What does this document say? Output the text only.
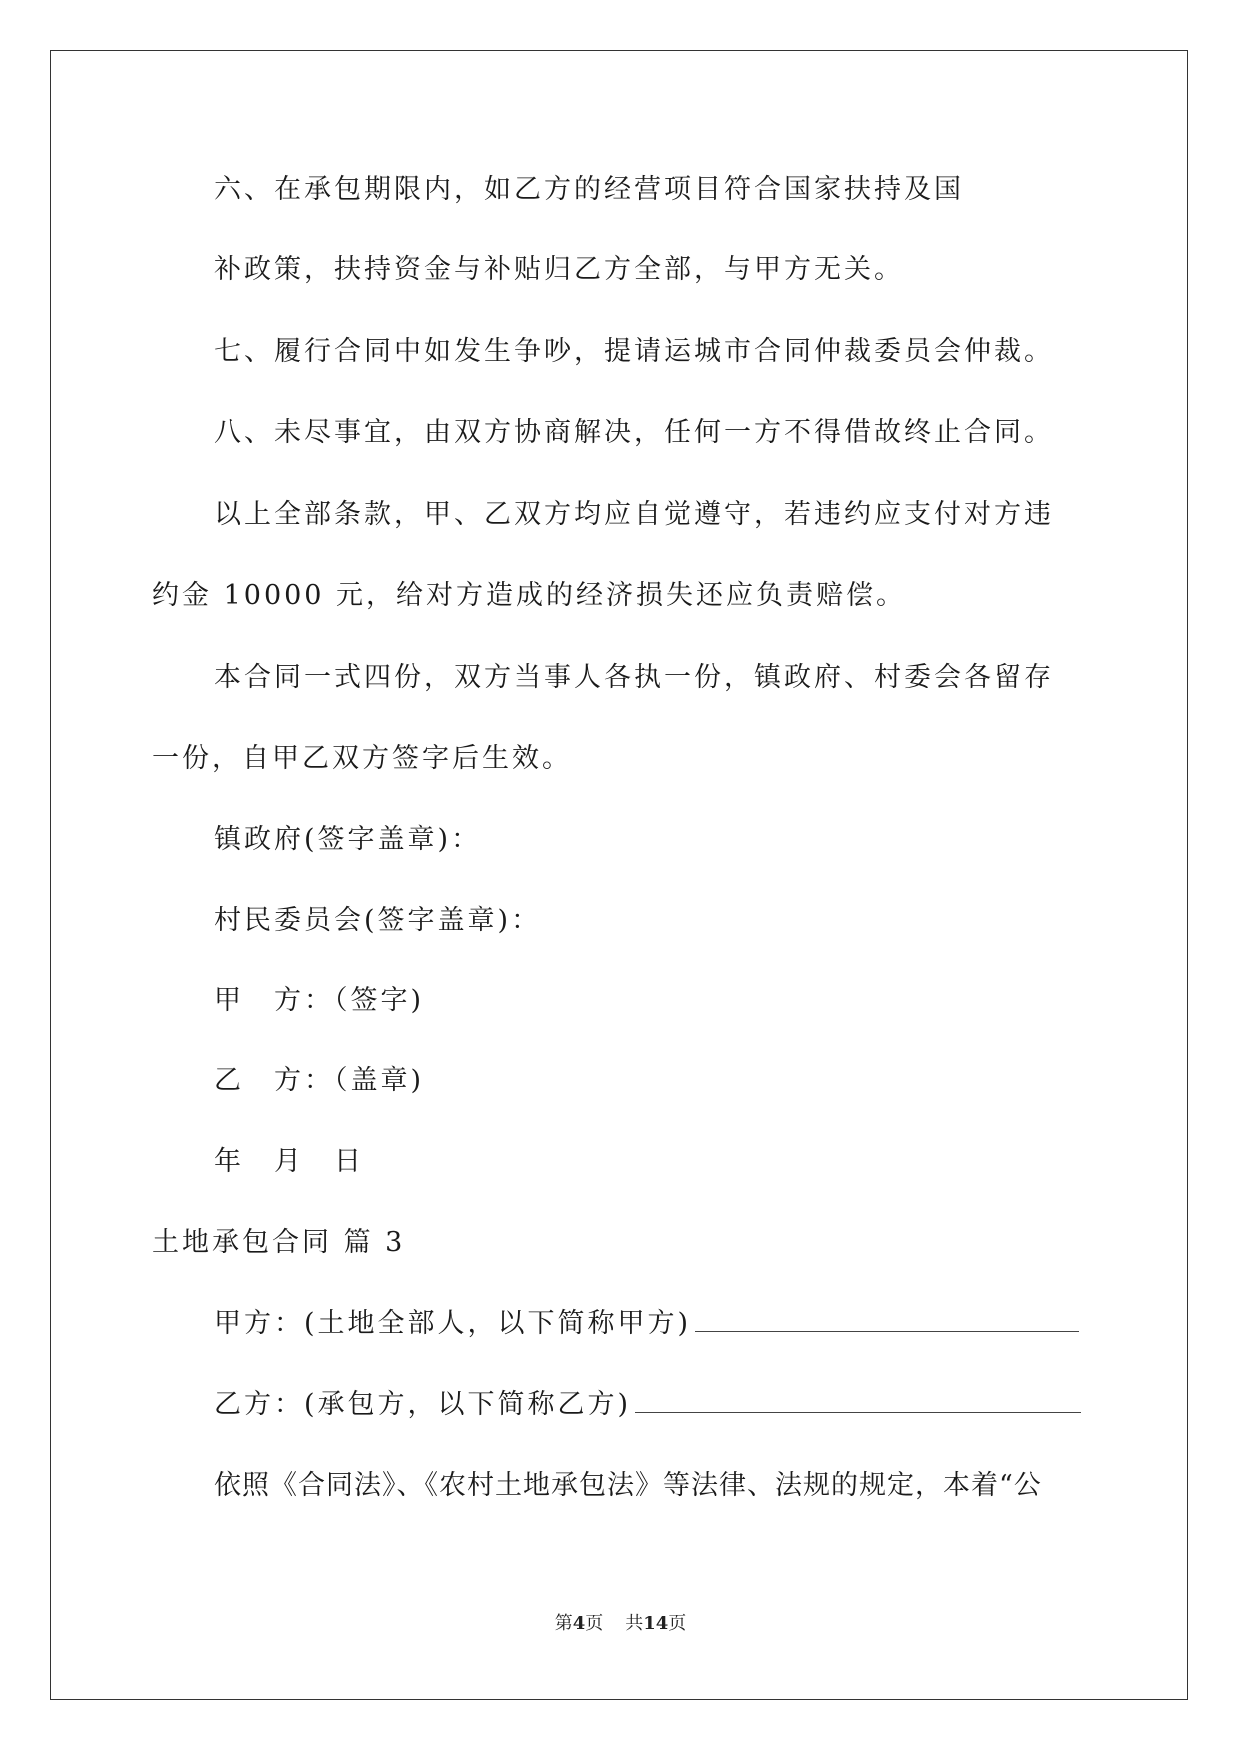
六、在承包期限内，如乙方的经营项目符合国家扶持及国
补政策，扶持资金与补贴归乙方全部，与甲方无关。
七、履行合同中如发生争吵，提请运城市合同仲裁委员会仲裁。
八、未尽事宜，由双方协商解决，任何一方不得借故终止合同。
以上全部条款，甲、乙双方均应自觉遵守，若违约应支付对方违
约金 10000 元，给对方造成的经济损失还应负责赔偿。
本合同一式四份，双方当事人各执一份，镇政府、村委会各留存
一份，自甲乙双方签字后生效。
镇政府(签字盖章)：
村民委员会(签字盖章)：
甲　方：（签字)
乙　方：（盖章)
年　月　日
土地承包合同 篇 3
甲方：(土地全部人，以下简称甲方)
乙方：(承包方，以下简称乙方)
依照《合同法》、《农村土地承包法》等法律、法规的规定，本着“公
第4页 共14页
